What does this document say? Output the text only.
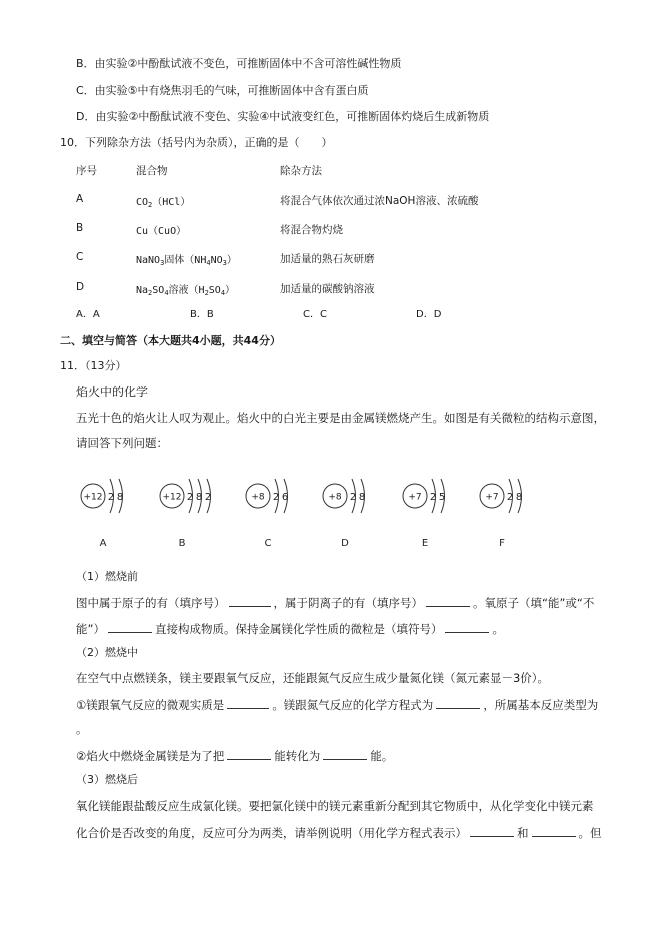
B．由实验②中酚酞试液不变色，可推断固体中不含可溶性碱性物质
C．由实验⑤中有烧焦羽毛的气味，可推断固体中含有蛋白质
D．由实验②中酚酞试液不变色、实验④中试液变红色，可推断固体灼烧后生成新物质
10．下列除杂方法（括号内为杂质），正确的是（　　）
序号	混合物	除杂方法
A	$CO_2(HCl)$	将混合气体依次通过浓NaOH溶液、浓硫酸
B	Cu（CuO）	将混合物灼烧
C	NaNO$_3$固体$(NH_4NO_3)$	加适量的熟石灰研磨
D	$Na_2SO_4$溶液$(H_2SO_4)$	加适量的碳酸钠溶液
A．A	B．B	C．C	D．D
二、填空与简答（本大题共4小题，共44分）
11．（13分）
焰火中的化学
五光十色的焰火让人叹为观止。焰火中的白光主要是由金属镁燃烧产生。如图是有关微粒的结构示意图，
请回答下列问题：
+12 2 8
A
+12 2 8 2
B
+8 2 6
C
+8 2 8
D
+7 2 5
E
+7 2 8
F
（1）燃烧前
图中属于原子的有（填序号）	，属于阴离子的有（填序号）	。氧原子（填“能”或“不
能”）	直接构成物质。保持金属镁化学性质的微粒是（填符号）	。
（2）燃烧中
在空气中点燃镁条，镁主要跟氧气反应，还能跟氮气反应生成少量氮化镁（氮元素显－3价）。
①镁跟氧气反应的微观实质是	。镁跟氮气反应的化学方程式为	，所属基本反应类型为
。
②焰火中燃烧金属镁是为了把	能转化为	能。
（3）燃烧后
氧化镁能跟盐酸反应生成氯化镁。要把氯化镁中的镁元素重新分配到其它物质中，从化学变化中镁元素
化合价是否改变的角度，反应可分为两类，请举例说明（用化学方程式表示）	和	。但
